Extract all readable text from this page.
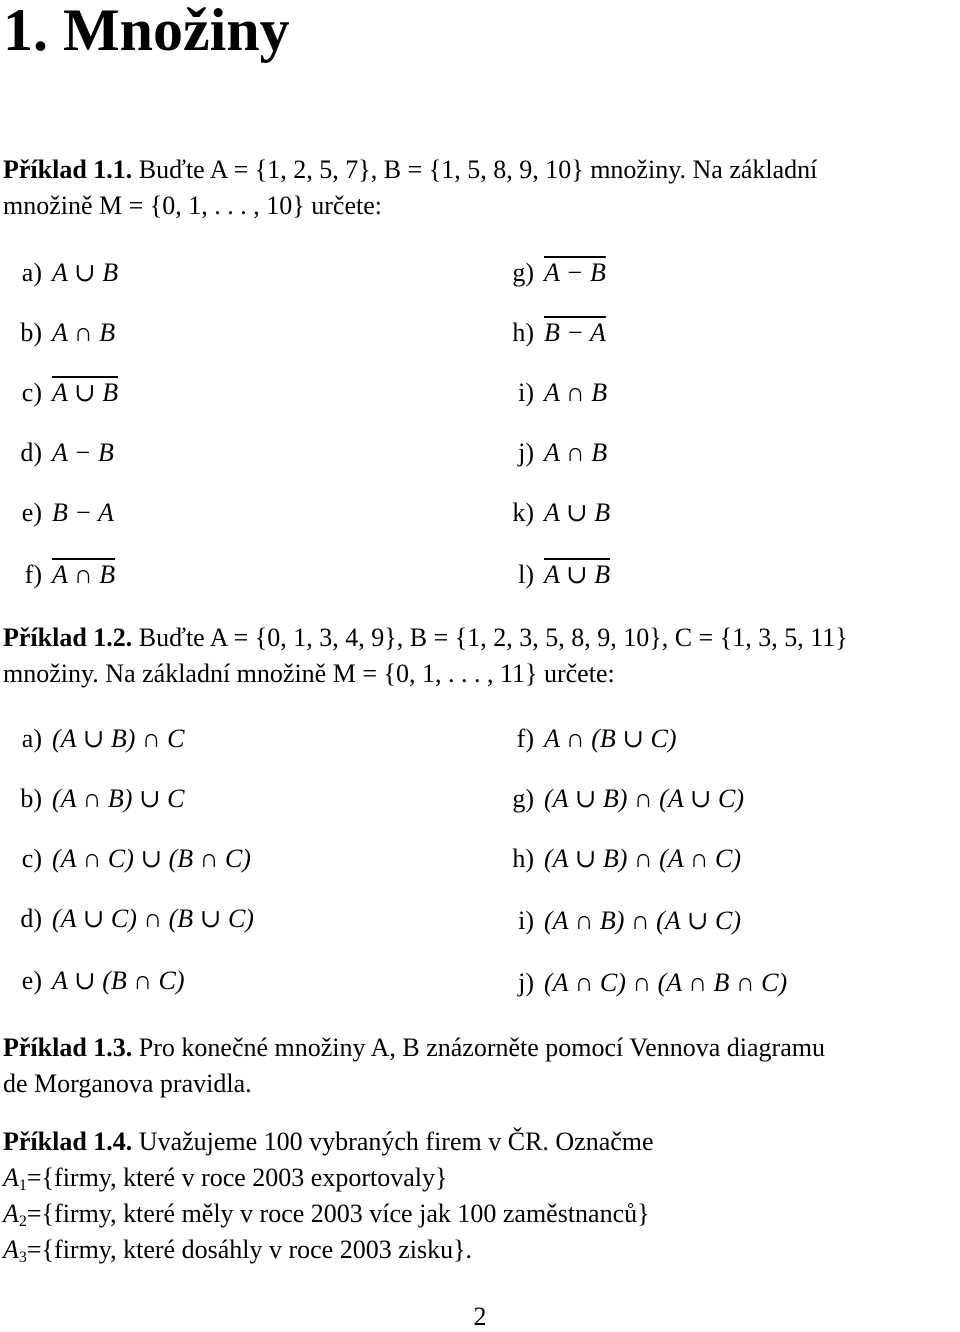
1. Množiny
Příklad 1.1. Buďte A = {1, 2, 5, 7}, B = {1, 5, 8, 9, 10} množiny. Na základní
množině M = {0, 1, . . . , 10} určete:
a) A ∪ B
b) A ∩ B
c) A ∪ B
d) A − B
e) B − A
f) A ∩ B
g) A − B
h) B − A
i) A ∩ B
j) A ∩ B
k) A ∪ B
l) A ∪ B
Příklad 1.2. Buďte A = {0, 1, 3, 4, 9}, B = {1, 2, 3, 5, 8, 9, 10}, C = {1, 3, 5, 11}
množiny. Na základní množině M = {0, 1, . . . , 11} určete:
a) (A ∪ B) ∩ C
b) (A ∩ B) ∪ C
c) (A ∩ C) ∪ (B ∩ C)
d) (A ∪ C) ∩ (B ∪ C)
e) A ∪ (B ∩ C)
f) A ∩ (B ∪ C)
g) (A ∪ B) ∩ (A ∪ C)
h) (A ∪ B) ∩ (A ∩ C)
i) (A ∩ B) ∩ (A ∪ C)
j) (A ∩ C) ∩ (A ∩ B ∩ C)
Příklad 1.3. Pro konečné množiny A, B znázorněte pomocí Vennova diagramu
de Morganova pravidla.
Příklad 1.4. Uvažujeme 100 vybraných firem v ČR. Označme
$A_1=\{firmy$, které v roce 2003 exportovaly}
$A_2=\{firmy$, které měly v roce 2003 více jak 100 zaměstnanců}
$A_3=\{firmy$, které dosáhly v roce 2003 zisku}.
2
